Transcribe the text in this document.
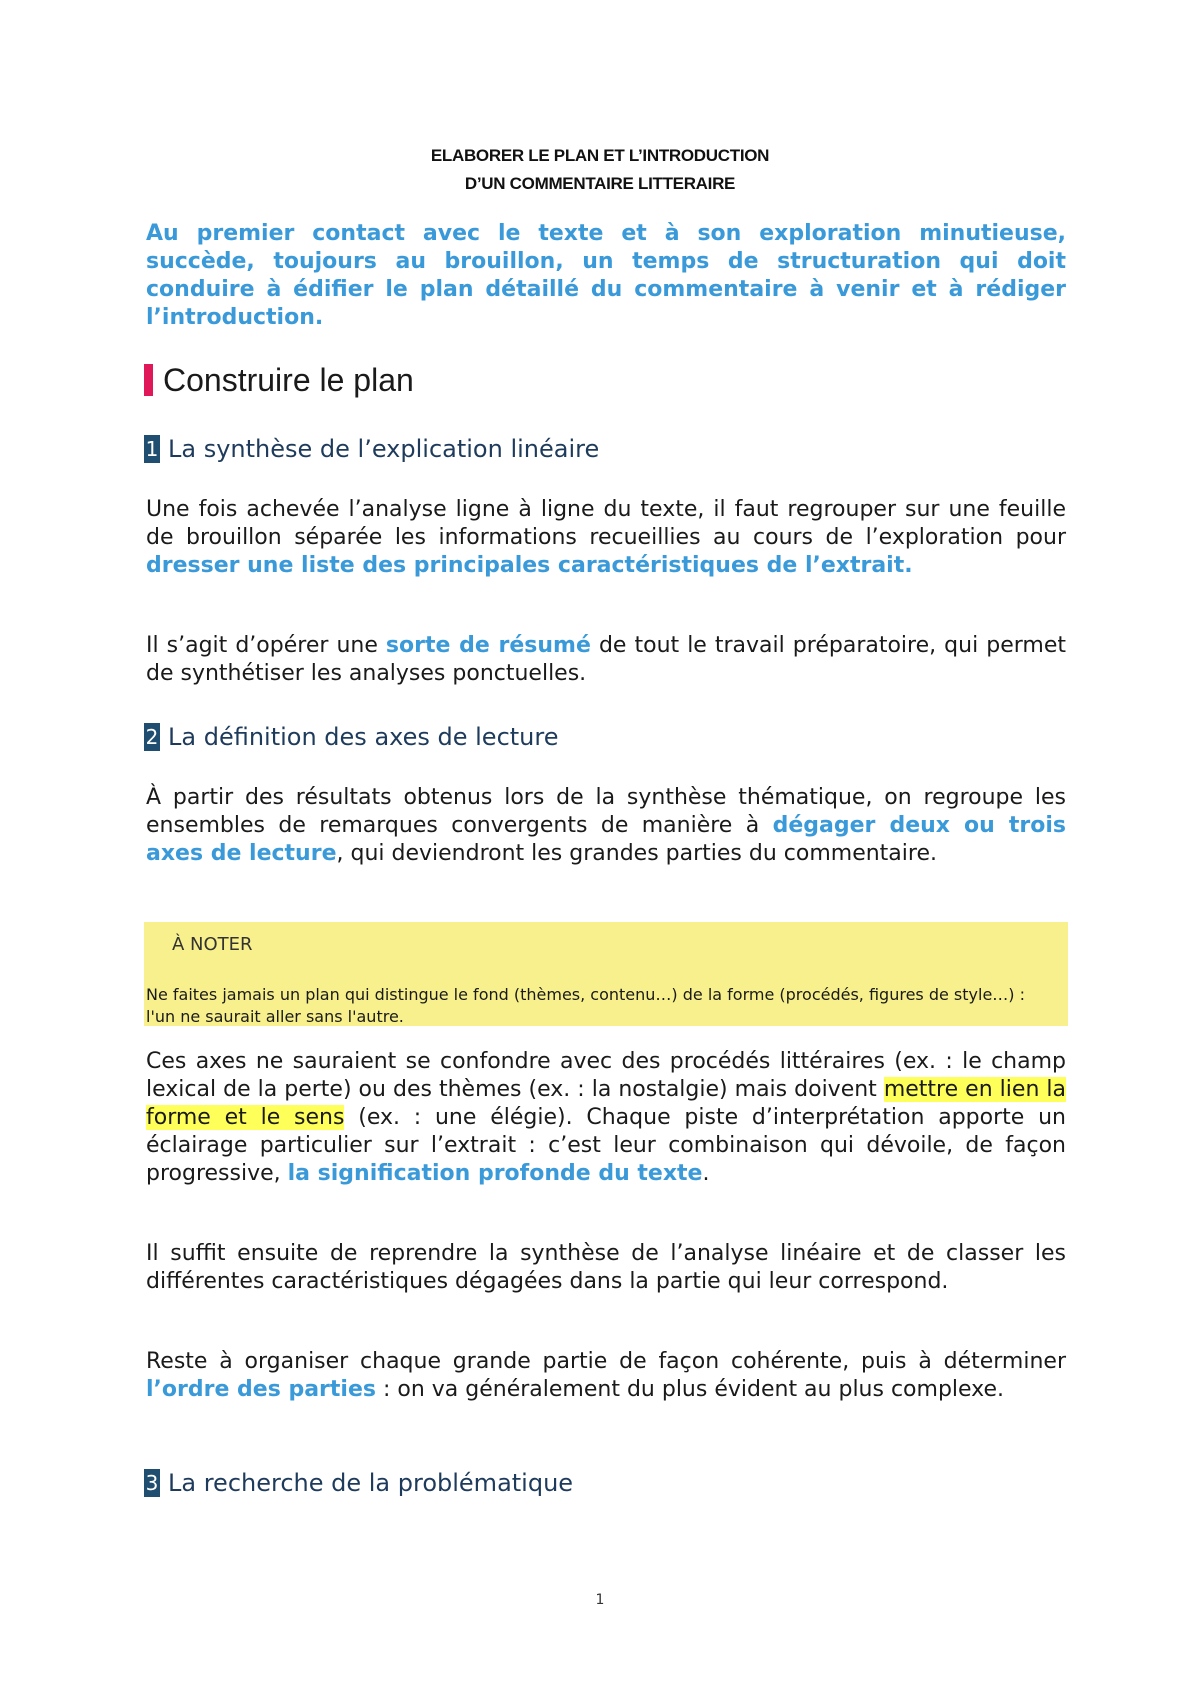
ELABORER LE PLAN ET L’INTRODUCTION
D’UN COMMENTAIRE LITTERAIRE
Au premier contact avec le texte et à son exploration minutieuse, succède, toujours au brouillon, un temps de structuration qui doit conduire à édifier le plan détaillé du commentaire à venir et à rédiger l’introduction.
I Construire le plan
1 La synthèse de l’explication linéaire
Une fois achevée l’analyse ligne à ligne du texte, il faut regrouper sur une feuille de brouillon séparée les informations recueillies au cours de l’exploration pour dresser une liste des principales caractéristiques de l’extrait.
Il s’agit d’opérer une sorte de résumé de tout le travail préparatoire, qui permet de synthétiser les analyses ponctuelles.
2 La définition des axes de lecture
À partir des résultats obtenus lors de la synthèse thématique, on regroupe les ensembles de remarques convergents de manière à dégager deux ou trois axes de lecture, qui deviendront les grandes parties du commentaire.
À NOTER
Ne faites jamais un plan qui distingue le fond (thèmes, contenu…) de la forme (procédés, figures de style…) : l'un ne saurait aller sans l'autre.
Ces axes ne sauraient se confondre avec des procédés littéraires (ex. : le champ lexical de la perte) ou des thèmes (ex. : la nostalgie) mais doivent mettre en lien la forme et le sens (ex. : une élégie). Chaque piste d’interprétation apporte un éclairage particulier sur l’extrait : c’est leur combinaison qui dévoile, de façon progressive, la signification profonde du texte.
Il suffit ensuite de reprendre la synthèse de l’analyse linéaire et de classer les différentes caractéristiques dégagées dans la partie qui leur correspond.
Reste à organiser chaque grande partie de façon cohérente, puis à déterminer l’ordre des parties : on va généralement du plus évident au plus complexe.
3 La recherche de la problématique
1
